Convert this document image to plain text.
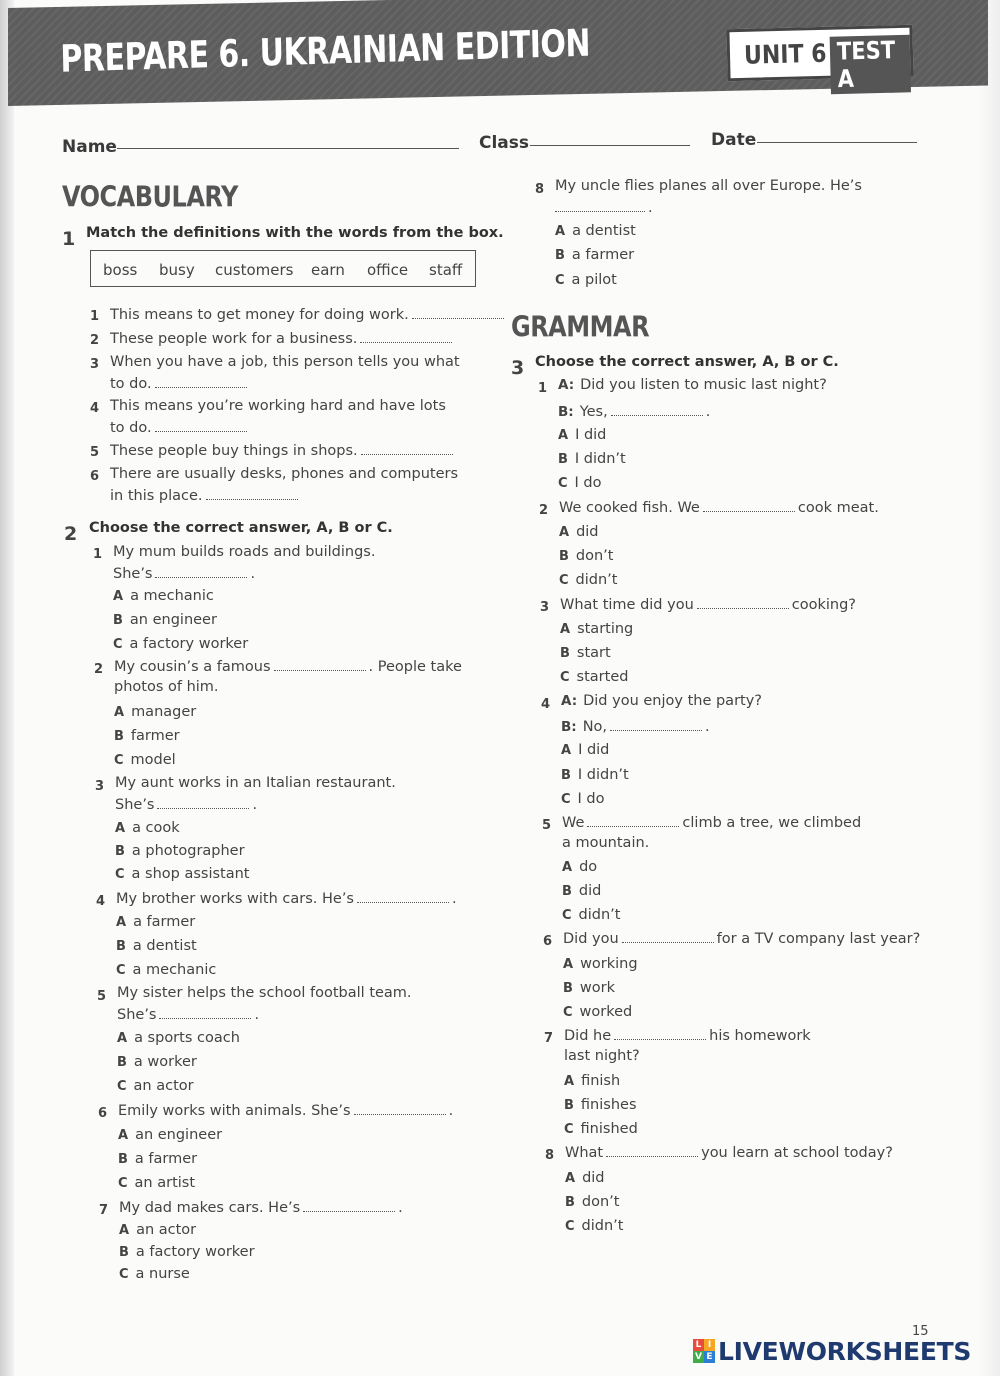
PREPARE 6. UKRAINIAN EDITION	UNIT 6 TEST A
Name	Class	Date
VOCABULARY
1 Match the definitions with the words from the box.
boss busy customers earn office staff
1 This means to get money for doing work.
2 These people work for a business.
3 When you have a job, this person tells you what
to do.
4 This means you’re working hard and have lots
to do.
5 These people buy things in shops.
6 There are usually desks, phones and computers
in this place.
2 Choose the correct answer, A, B or C.
1 My mum builds roads and buildings.
She’s	.
A a mechanic
B an engineer
C a factory worker
2 My cousin’s a famous	. People take
photos of him.
A manager
B farmer
C model
3 My aunt works in an Italian restaurant.
She’s	.
A a cook
B a photographer
C a shop assistant
4 My brother works with cars. He’s	.
A a farmer
B a dentist
C a mechanic
5 My sister helps the school football team.
She’s	.
A a sports coach
B a worker
C an actor
6 Emily works with animals. She’s	.
A an engineer
B a farmer
C an artist
7 My dad makes cars. He’s	.
A an actor
B a factory worker
C a nurse
8 My uncle flies planes all over Europe. He’s
.
A a dentist
B a farmer
C a pilot
GRAMMAR
3 Choose the correct answer, A, B or C.
1 A: Did you listen to music last night?
B: Yes,	.
A I did
B I didn’t
C I do
2 We cooked fish. We	cook meat.
A did
B don’t
C didn’t
3 What time did you	cooking?
A starting
B start
C started
4 A: Did you enjoy the party?
B: No,	.
A I did
B I didn’t
C I do
5 We	climb a tree, we climbed
a mountain.
A do
B did
C didn’t
6 Did you	for a TV company last year?
A working
B work
C worked
7 Did he	his homework
last night?
A finish
B finishes
C finished
8 What	you learn at school today?
A did
B don’t
C didn’t
15
L I
V E LIVEWORKSHEETS
